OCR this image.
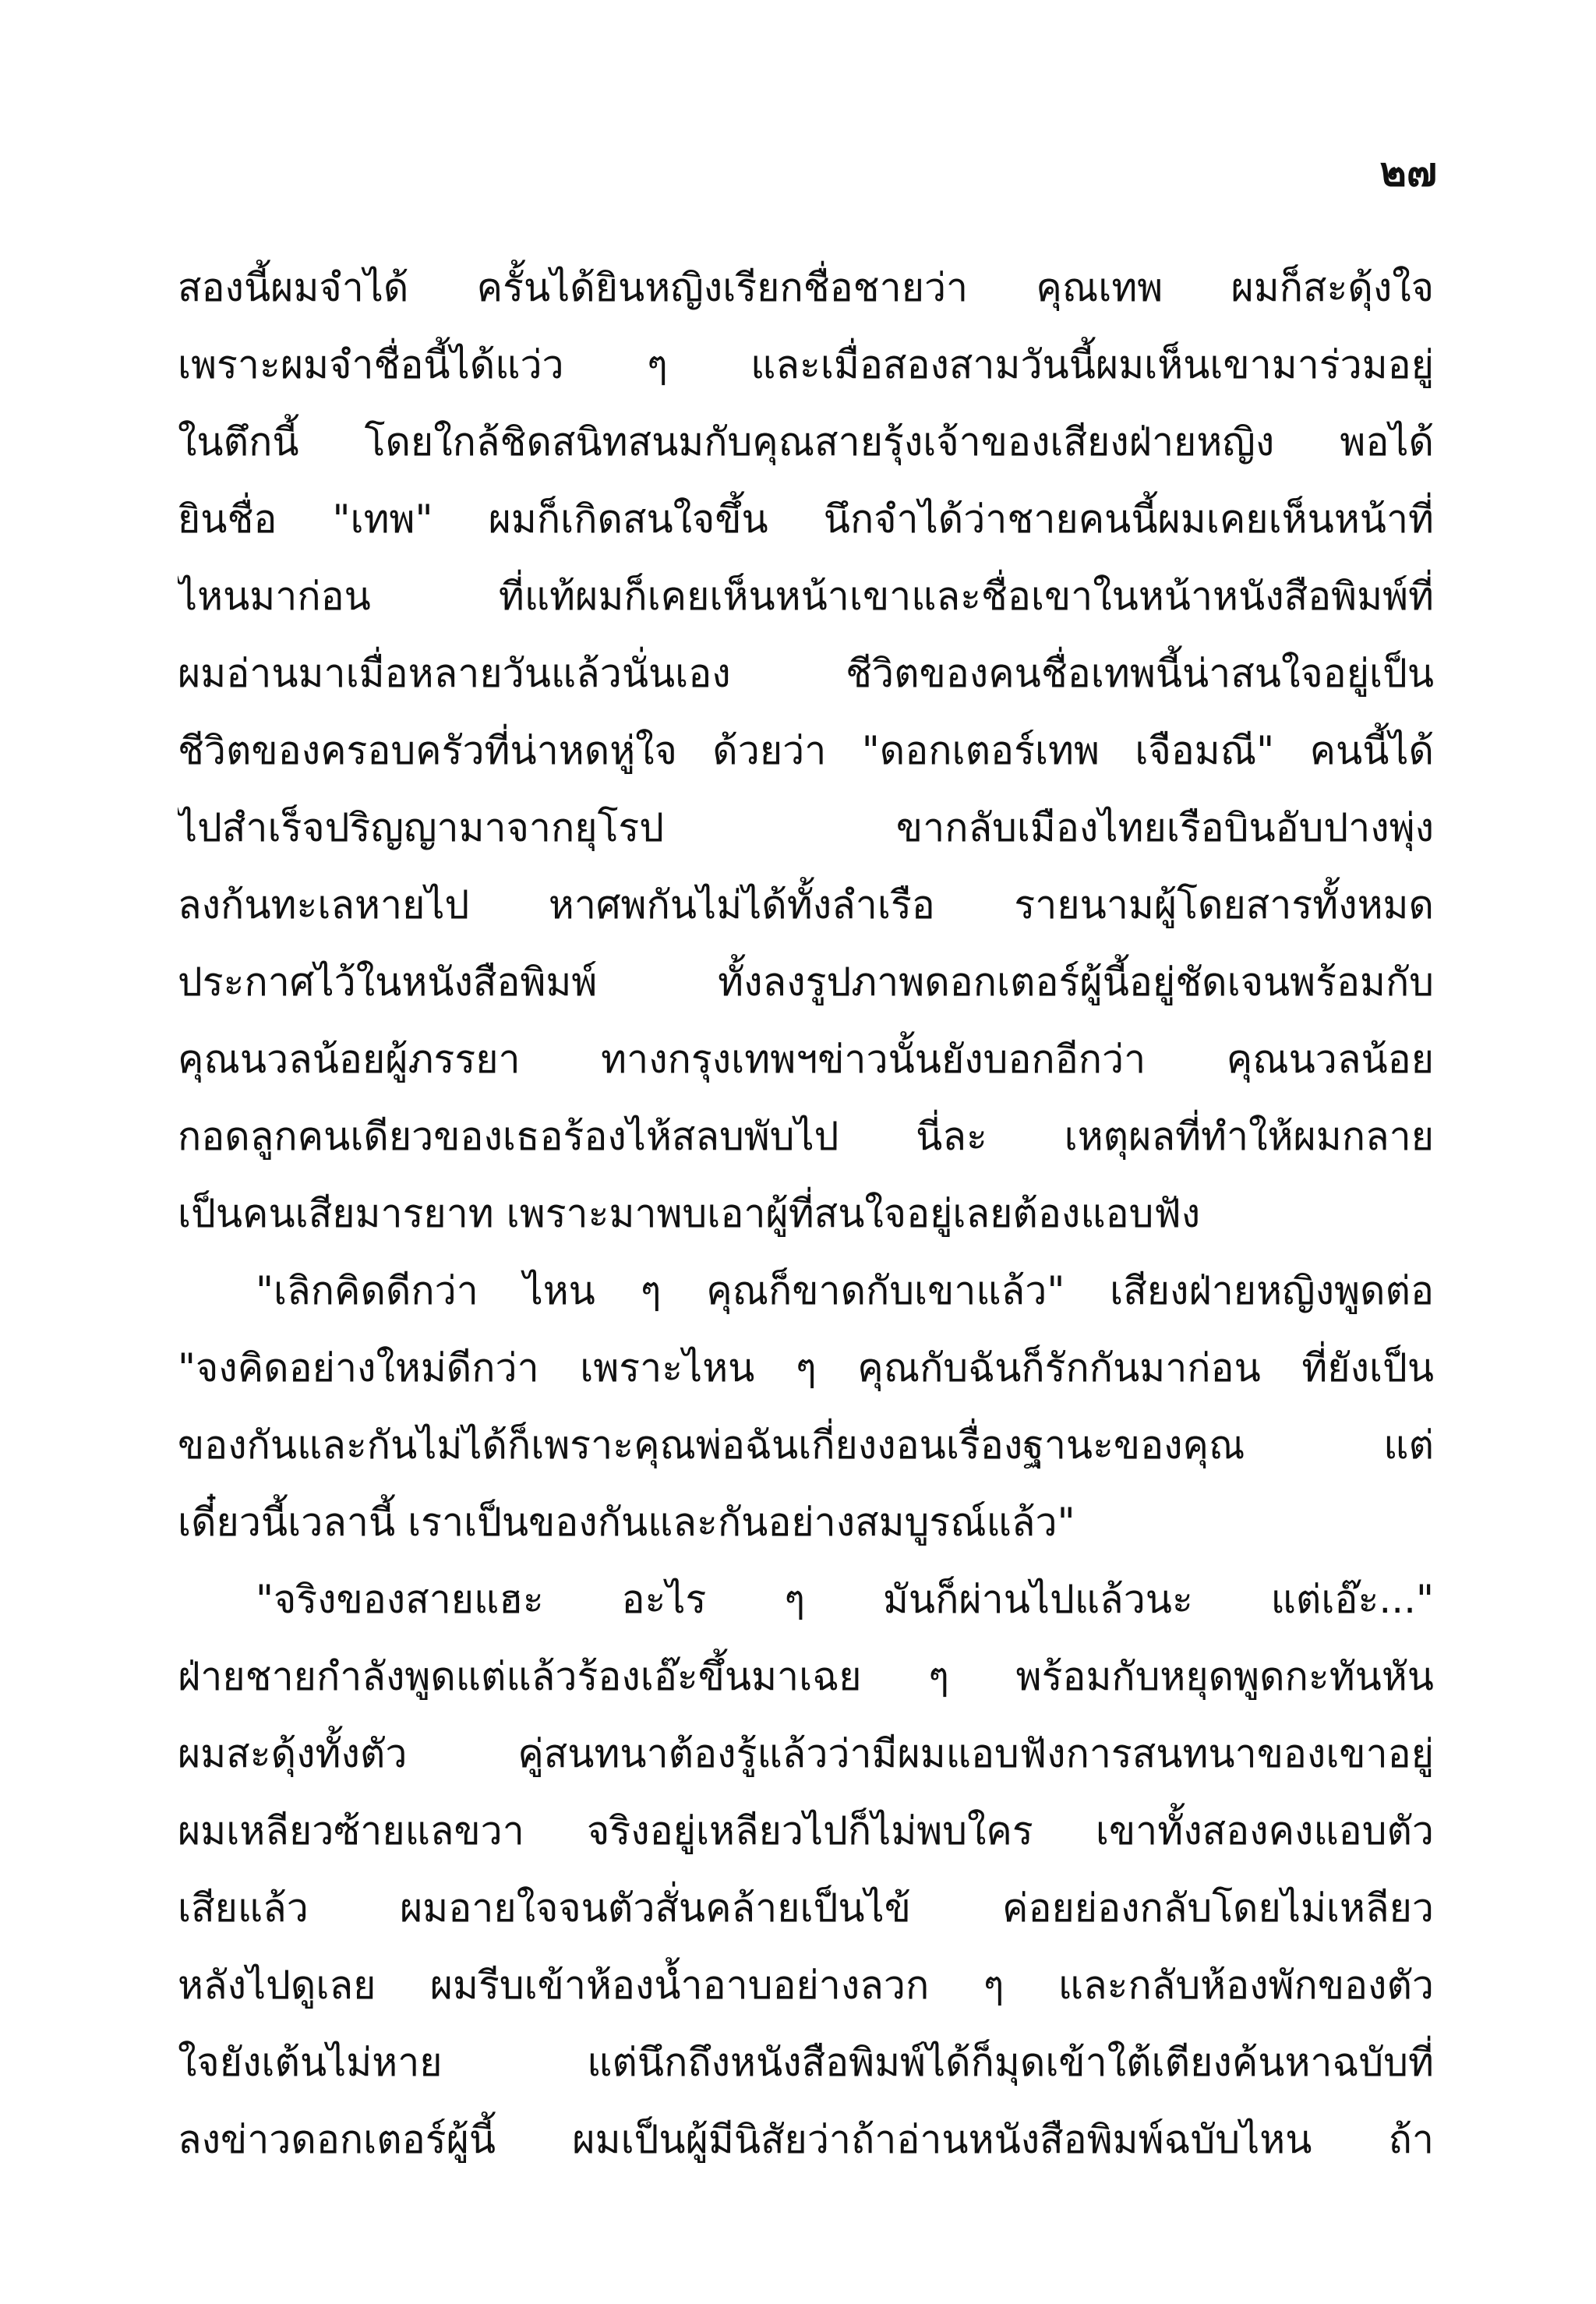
๒๗
สองนี้ผมจำได้ ครั้นได้ยินหญิงเรียกชื่อชายว่า คุณเทพ ผมก็สะดุ้งใจ
เพราะผมจำชื่อนี้ได้แว่ว ๆ และเมื่อสองสามวันนี้ผมเห็นเขามาร่วมอยู่
ในตึกนี้ โดยใกล้ชิดสนิทสนมกับคุณสายรุ้งเจ้าของเสียงฝ่ายหญิง พอได้
ยินชื่อ "เทพ" ผมก็เกิดสนใจขึ้น นึกจำได้ว่าชายคนนี้ผมเคยเห็นหน้าที่
ไหนมาก่อน ที่แท้ผมก็เคยเห็นหน้าเขาและชื่อเขาในหน้าหนังสือพิมพ์ที่
ผมอ่านมาเมื่อหลายวันแล้วนั่นเอง ชีวิตของคนชื่อเทพนี้น่าสนใจอยู่เป็น
ชีวิตของครอบครัวที่น่าหดหู่ใจ ด้วยว่า "ดอกเตอร์เทพ เจือมณี" คนนี้ได้
ไปสำเร็จปริญญามาจากยุโรป ขากลับเมืองไทยเรือบินอับปางพุ่ง
ลงก้นทะเลหายไป หาศพกันไม่ได้ทั้งลำเรือ รายนามผู้โดยสารทั้งหมด
ประกาศไว้ในหนังสือพิมพ์ ทั้งลงรูปภาพดอกเตอร์ผู้นี้อยู่ชัดเจนพร้อมกับ
คุณนวลน้อยผู้ภรรยา ทางกรุงเทพฯข่าวนั้นยังบอกอีกว่า คุณนวลน้อย
กอดลูกคนเดียวของเธอร้องไห้สลบพับไป นี่ละ เหตุผลที่ทำให้ผมกลาย
เป็นคนเสียมารยาท เพราะมาพบเอาผู้ที่สนใจอยู่เลยต้องแอบฟัง
"เลิกคิดดีกว่า ไหน ๆ คุณก็ขาดกับเขาแล้ว" เสียงฝ่ายหญิงพูดต่อ
"จงคิดอย่างใหม่ดีกว่า เพราะไหน ๆ คุณกับฉันก็รักกันมาก่อน ที่ยังเป็น
ของกันและกันไม่ได้ก็เพราะคุณพ่อฉันเกี่ยงงอนเรื่องฐานะของคุณ แต่
เดี๋ยวนี้เวลานี้ เราเป็นของกันและกันอย่างสมบูรณ์แล้ว"
"จริงของสายแฮะ อะไร ๆ มันก็ผ่านไปแล้วนะ แต่เอ๊ะ..."
ฝ่ายชายกำลังพูดแต่แล้วร้องเอ๊ะขึ้นมาเฉย ๆ พร้อมกับหยุดพูดกะทันหัน
ผมสะดุ้งทั้งตัว คู่สนทนาต้องรู้แล้วว่ามีผมแอบฟังการสนทนาของเขาอยู่
ผมเหลียวซ้ายแลขวา จริงอยู่เหลียวไปก็ไม่พบใคร เขาทั้งสองคงแอบตัว
เสียแล้ว ผมอายใจจนตัวสั่นคล้ายเป็นไข้ ค่อยย่องกลับโดยไม่เหลียว
หลังไปดูเลย ผมรีบเข้าห้องน้ำอาบอย่างลวก ๆ และกลับห้องพักของตัว
ใจยังเต้นไม่หาย แต่นึกถึงหนังสือพิมพ์ได้ก็มุดเข้าใต้เตียงค้นหาฉบับที่
ลงข่าวดอกเตอร์ผู้นี้ ผมเป็นผู้มีนิสัยว่าถ้าอ่านหนังสือพิมพ์ฉบับไหน ถ้า
